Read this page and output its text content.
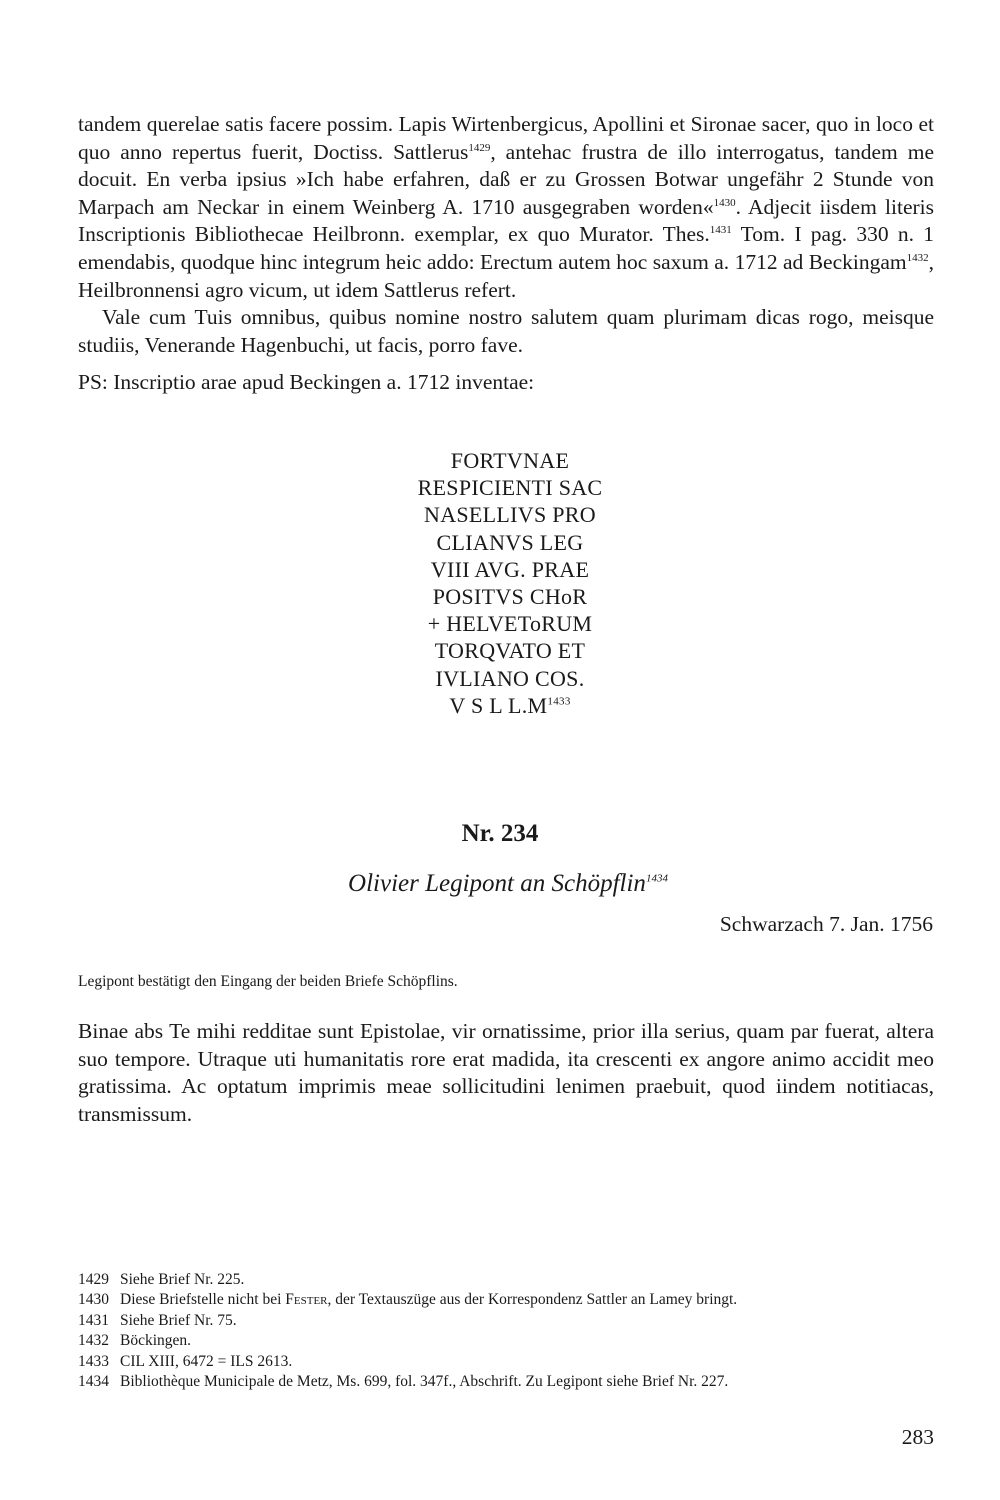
tandem querelae satis facere possim. Lapis Wirtenbergicus, Apollini et Sironae sacer, quo in loco et quo anno repertus fuerit, Doctiss. Sattlerus$^{1429}$, antehac frustra de illo interrogatus, tandem me docuit. En verba ipsius »Ich habe erfahren, daß er zu Grossen Botwar ungefähr 2 Stunde von Marpach am Neckar in einem Weinberg A. 1710 ausgegraben worden«$^{1430}$. Adjecit iisdem literis Inscriptionis Bibliothecae Heilbronn. exemplar, ex quo Murator. Thes.$^{1431}$ Tom. I pag. 330 n. 1 emendabis, quodque hinc integrum heic addo: Erectum autem hoc saxum a. 1712 ad Beckingam$^{1432}$, Heilbronnensi agro vicum, ut idem Sattlerus refert.

Vale cum Tuis omnibus, quibus nomine nostro salutem quam plurimam dicas rogo, meisque studiis, Venerande Hagenbuchi, ut facis, porro fave.

PS: Inscriptio arae apud Beckingen a. 1712 inventae:

FORTVNAE
RESPICIENTI SAC
NASELLIVS PRO
CLIANVS LEG
VIII AVG. PRAE
POSITVS CHoR
+ HELVEToRUM
TORQVATO ET
IVLIANO COS.
V S L $L.M^{1433}$
Nr. 234
Olivier Legipont an Schöpflin$^{1434}$
Schwarzach 7. Jan. 1756
Legipont bestätigt den Eingang der beiden Briefe Schöpflins.

Binae abs Te mihi redditae sunt Epistolae, vir ornatissime, prior illa serius, quam par fuerat, altera suo tempore. Utraque uti humanitatis rore erat madida, ita crescenti ex angore animo accidit meo gratissima. Ac optatum imprimis meae sollicitudini lenimen praebuit, quod iindem notitiacas, transmissum.

1429 Siehe Brief Nr. 225.
1430 Diese Briefstelle nicht bei Fester, der Textauszüge aus der Korrespondenz Sattler an Lamey bringt.
1431 Siehe Brief Nr. 75.
1432 Böckingen.
1433 CIL XIII, 6472 = ILS 2613.
1434 Bibliothèque Municipale de Metz, Ms. 699, fol. 347f., Abschrift. Zu Legipont siehe Brief Nr. 227.
283
